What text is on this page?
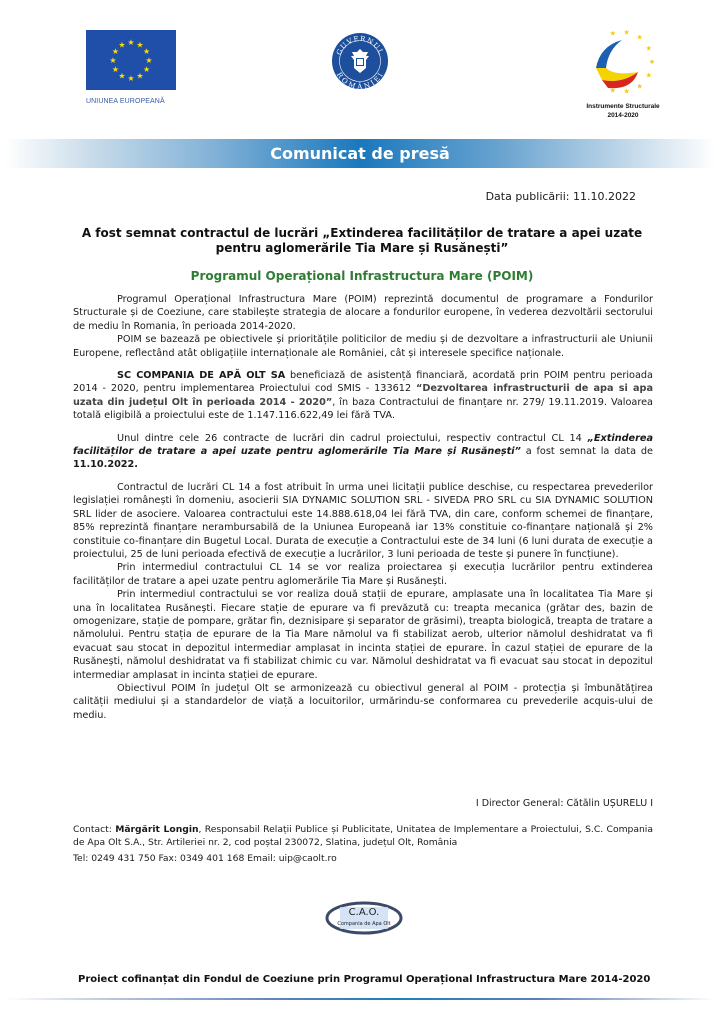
★ ★
★
★
★
★
★
★
★
★
★
★
UNIUNEA EUROPEANĂ
GUVERNUL
ROMÂNIEI
★ ★
★
★
★
★
★
★
★
Instrumente Structurale
2014-2020
Comunicat de presă
Data publicării: 11.10.2022
A fost semnat contractul de lucrări „Extinderea facilităților de tratare a apei uzate
pentru aglomerările Tia Mare și Rusănești”
Programul Operațional Infrastructura Mare (POIM)

Programul Operațional Infrastructura Mare (POIM) reprezintă documentul de programare a Fondurilor Structurale și de Coeziune, care stabilește strategia de alocare a fondurilor europene, în vederea dezvoltării sectorului de mediu în Romania, în perioada 2014-2020.

POIM se bazează pe obiectivele și prioritățile politicilor de mediu și de dezvoltare a infrastructurii ale Uniunii Europene, reflectând atât obligațiile internaționale ale României, cât și interesele specifice naționale.

SC COMPANIA DE APĂ OLT SA beneficiază de asistență financiară, acordată prin POIM pentru perioada 2014 - 2020, pentru implementarea Proiectului cod SMIS - 133612 “Dezvoltarea infrastructurii de apa si apa uzata din județul Olt în perioada 2014 - 2020”, în baza Contractului de finanțare nr. 279/ 19.11.2019. Valoarea totală eligibilă a proiectului este de 1.147.116.622,49 lei fără TVA.

Unul dintre cele 26 contracte de lucrări din cadrul proiectului, respectiv contractul CL 14 „Extinderea facilităților de tratare a apei uzate pentru aglomerările Tia Mare și Rusănești” a fost semnat la data de 11.10.2022.

Contractul de lucrări CL 14 a fost atribuit în urma unei licitații publice deschise, cu respectarea prevederilor legislației românești în domeniu, asocierii SIA DYNAMIC SOLUTION SRL - SIVEDA PRO SRL cu SIA DYNAMIC SOLUTION SRL lider de asociere. Valoarea contractului este 14.888.618,04 lei fără TVA, din care, conform schemei de finanțare, 85% reprezintă finanțare nerambursabilă de la Uniunea Europeană iar 13% constituie co-finanțare națională și 2% constituie co-finanțare din Bugetul Local. Durata de execuție a Contractului este de 34 luni (6 luni durata de execuție a proiectului, 25 de luni perioada efectivă de execuție a lucrărilor, 3 luni perioada de teste și punere în funcțiune).

Prin intermediul contractului CL 14 se vor realiza proiectarea și execuția lucrărilor pentru extinderea facilităților de tratare a apei uzate pentru aglomerările Tia Mare și Rusănești.

Prin intermediul contractului se vor realiza două stații de epurare, amplasate una în localitatea Tia Mare și una în localitatea Rusănești. Fiecare stație de epurare va fi prevăzută cu: treapta mecanica (grătar des, bazin de omogenizare, stație de pompare, grătar fin, deznisipare și separator de grăsimi), treapta biologică, treapta de tratare a nămolului. Pentru stația de epurare de la Tia Mare nămolul va fi stabilizat aerob, ulterior nămolul deshidratat va fi evacuat sau stocat in depozitul intermediar amplasat in incinta stației de epurare. În cazul stației de epurare de la Rusănești, nămolul deshidratat va fi stabilizat chimic cu var. Nămolul deshidratat va fi evacuat sau stocat in depozitul intermediar amplasat in incinta stației de epurare.

Obiectivul POIM în județul Olt se armonizează cu obiectivul general al POIM - protecția și îmbunătățirea calității mediului și a standardelor de viață a locuitorilor, urmărindu-se conformarea cu prevederile acquis-ului de mediu.

I Director General: Cătălin UȘURELU I
Contact: Mărgărit Longin, Responsabil Relații Publice și Publicitate, Unitatea de Implementare a Proiectului, S.C. Compania de Apa Olt S.A., Str. Artileriei nr. 2, cod poștal 230072, Slatina, județul Olt, România
Tel: 0249 431 750 Fax: 0349 401 168 Email: uip@caolt.ro
C.A.O.
Compania de Apa Olt
Proiect cofinanțat din Fondul de Coeziune prin Programul Operațional Infrastructura Mare 2014-2020
